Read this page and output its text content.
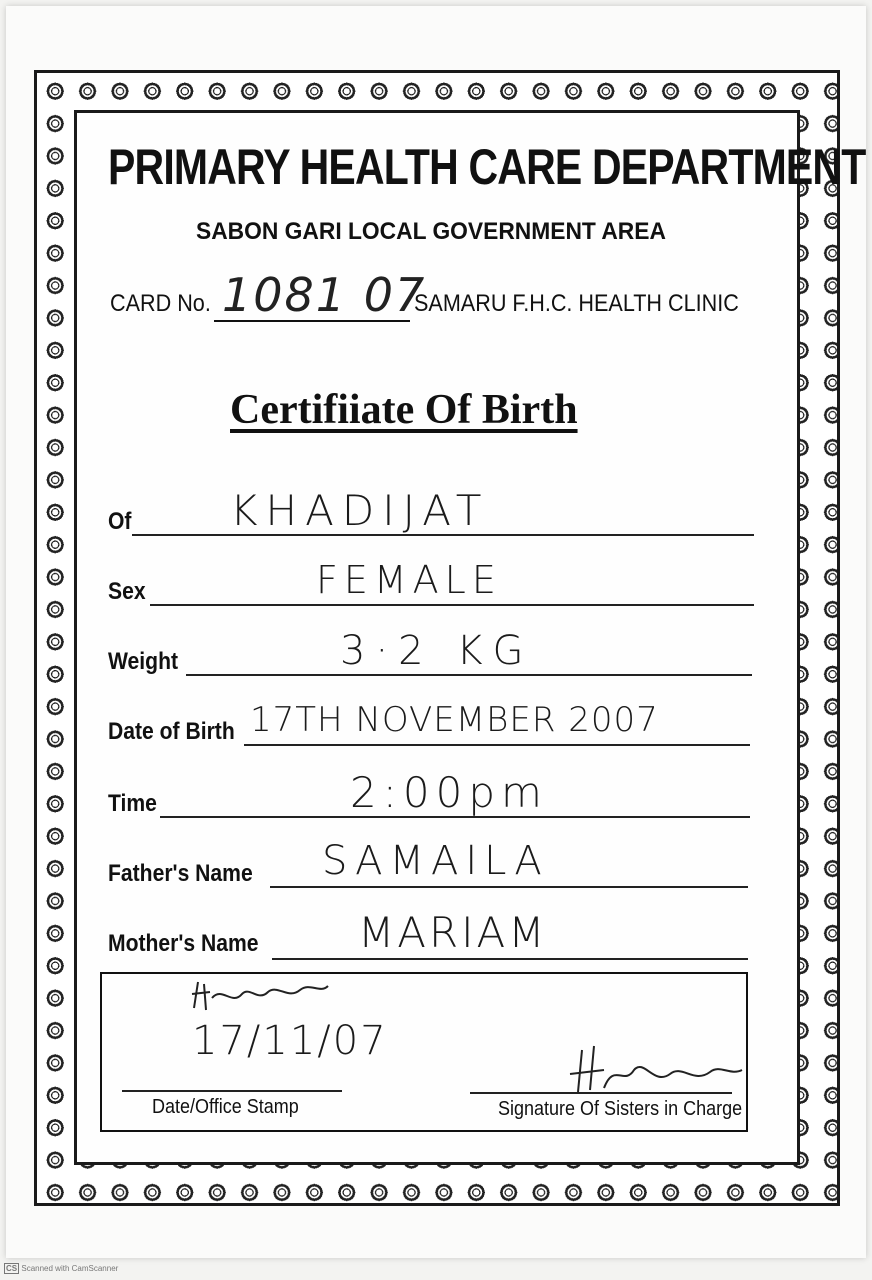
PRIMARY HEALTH CARE DEPARTMENT
SABON GARI LOCAL GOVERNMENT AREA
CARD No. 1081 07
SAMARU F.H.C. HEALTH CLINIC
Certifiiate Of Birth
Of KHADIJAT
Sex	FEMALE
Weight	3·2 KG
Date of Birth 17TH NOVEMBER 2007
Time	2:00pm
Father's Name SAMAILA
Mother's Name MARIAM
17/11/07
Date/Office Stamp	Signature Of Sisters in Charge
CS Scanned with CamScanner
